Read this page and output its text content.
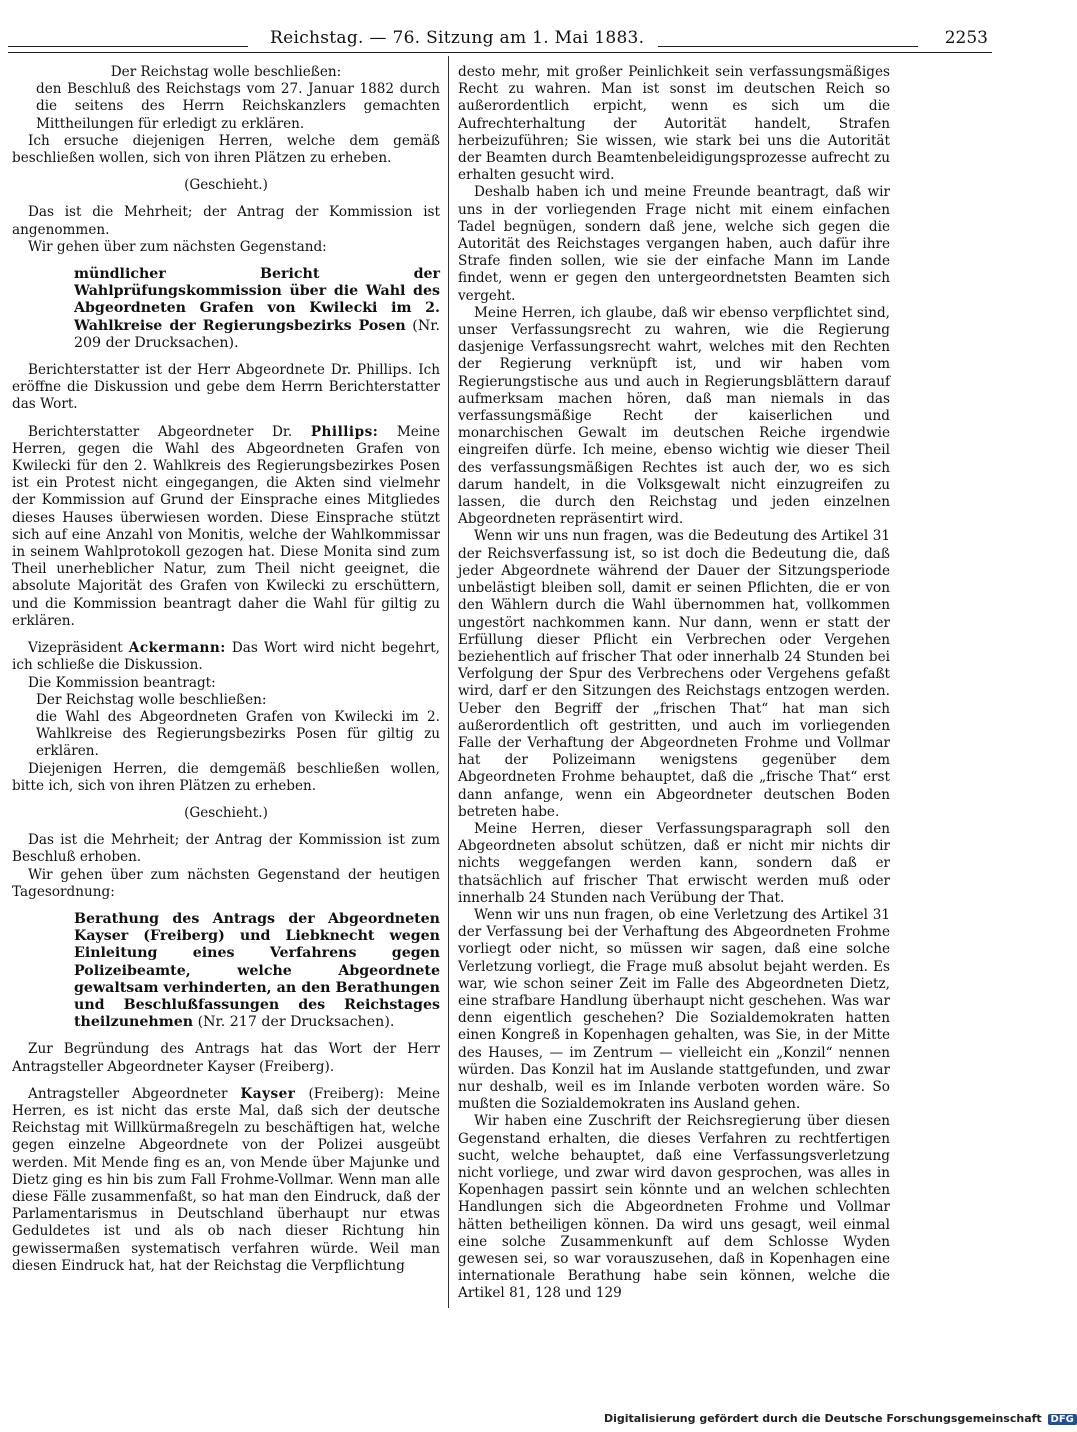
Reichstag. — 76. Sitzung am 1. Mai 1883.	2253

Der Reichstag wolle beschließen:

den Beschluß des Reichstags vom 27. Januar 1882 durch die seitens des Herrn Reichskanzlers gemachten Mittheilungen für erledigt zu erklären.

Ich ersuche diejenigen Herren, welche dem gemäß beschließen wollen, sich von ihren Plätzen zu erheben.

(Geschieht.)

Das ist die Mehrheit; der Antrag der Kommission ist angenommen.

Wir gehen über zum nächsten Gegenstand:

mündlicher Bericht der Wahlprüfungskommission über die Wahl des Abgeordneten Grafen von Kwilecki im 2. Wahlkreise der Regierungsbezirks Posen (Nr. 209 der Drucksachen).

Berichterstatter ist der Herr Abgeordnete Dr. Phillips. Ich eröffne die Diskussion und gebe dem Herrn Berichterstatter das Wort.

Berichterstatter Abgeordneter Dr. Phillips: Meine Herren, gegen die Wahl des Abgeordneten Grafen von Kwilecki für den 2. Wahlkreis des Regierungsbezirkes Posen ist ein Protest nicht eingegangen, die Akten sind vielmehr der Kommission auf Grund der Einsprache eines Mitgliedes dieses Hauses überwiesen worden. Diese Einsprache stützt sich auf eine Anzahl von Monitis, welche der Wahlkommissar in seinem Wahlprotokoll gezogen hat. Diese Monita sind zum Theil unerheblicher Natur, zum Theil nicht geeignet, die absolute Majorität des Grafen von Kwilecki zu erschüttern, und die Kommission beantragt daher die Wahl für giltig zu erklären.

Vizepräsident Ackermann: Das Wort wird nicht begehrt, ich schließe die Diskussion.

Die Kommission beantragt:

Der Reichstag wolle beschließen:

die Wahl des Abgeordneten Grafen von Kwilecki im 2. Wahlkreise des Regierungsbezirks Posen für giltig zu erklären.

Diejenigen Herren, die demgemäß beschließen wollen, bitte ich, sich von ihren Plätzen zu erheben.

(Geschieht.)

Das ist die Mehrheit; der Antrag der Kommission ist zum Beschluß erhoben.

Wir gehen über zum nächsten Gegenstand der heutigen Tagesordnung:

Berathung des Antrags der Abgeordneten Kayser (Freiberg) und Liebknecht wegen Einleitung eines Verfahrens gegen Polizeibeamte, welche Abgeordnete gewaltsam verhinderten, an den Berathungen und Beschlußfassungen des Reichstages theilzunehmen (Nr. 217 der Drucksachen).

Zur Begründung des Antrags hat das Wort der Herr Antragsteller Abgeordneter Kayser (Freiberg).

Antragsteller Abgeordneter Kayser (Freiberg): Meine Herren, es ist nicht das erste Mal, daß sich der deutsche Reichstag mit Willkürmaßregeln zu beschäftigen hat, welche gegen einzelne Abgeordnete von der Polizei ausgeübt werden. Mit Mende fing es an, von Mende über Majunke und Dietz ging es hin bis zum Fall Frohme-Vollmar. Wenn man alle diese Fälle zusammenfaßt, so hat man den Eindruck, daß der Parlamentarismus in Deutschland überhaupt nur etwas Geduldetes ist und als ob nach dieser Richtung hin gewissermaßen systematisch verfahren würde. Weil man diesen Eindruck hat, hat der Reichstag die Verpflichtung

desto mehr, mit großer Peinlichkeit sein verfassungsmäßiges Recht zu wahren. Man ist sonst im deutschen Reich so außerordentlich erpicht, wenn es sich um die Aufrechterhaltung der Autorität handelt, Strafen herbeizuführen; Sie wissen, wie stark bei uns die Autorität der Beamten durch Beamtenbeleidigungsprozesse aufrecht zu erhalten gesucht wird.

Deshalb haben ich und meine Freunde beantragt, daß wir uns in der vorliegenden Frage nicht mit einem einfachen Tadel begnügen, sondern daß jene, welche sich gegen die Autorität des Reichstages vergangen haben, auch dafür ihre Strafe finden sollen, wie sie der einfache Mann im Lande findet, wenn er gegen den untergeordnetsten Beamten sich vergeht.

Meine Herren, ich glaube, daß wir ebenso verpflichtet sind, unser Verfassungsrecht zu wahren, wie die Regierung dasjenige Verfassungsrecht wahrt, welches mit den Rechten der Regierung verknüpft ist, und wir haben vom Regierungstische aus und auch in Regierungsblättern darauf aufmerksam machen hören, daß man niemals in das verfassungsmäßige Recht der kaiserlichen und monarchischen Gewalt im deutschen Reiche irgendwie eingreifen dürfe. Ich meine, ebenso wichtig wie dieser Theil des verfassungsmäßigen Rechtes ist auch der, wo es sich darum handelt, in die Volksgewalt nicht einzugreifen zu lassen, die durch den Reichstag und jeden einzelnen Abgeordneten repräsentirt wird.

Wenn wir uns nun fragen, was die Bedeutung des Artikel 31 der Reichsverfassung ist, so ist doch die Bedeutung die, daß jeder Abgeordnete während der Dauer der Sitzungsperiode unbelästigt bleiben soll, damit er seinen Pflichten, die er von den Wählern durch die Wahl übernommen hat, vollkommen ungestört nachkommen kann. Nur dann, wenn er statt der Erfüllung dieser Pflicht ein Verbrechen oder Vergehen beziehentlich auf frischer That oder innerhalb 24 Stunden bei Verfolgung der Spur des Verbrechens oder Vergehens gefaßt wird, darf er den Sitzungen des Reichstags entzogen werden. Ueber den Begriff der „frischen That“ hat man sich außerordentlich oft gestritten, und auch im vorliegenden Falle der Verhaftung der Abgeordneten Frohme und Vollmar hat der Polizeimann wenigstens gegenüber dem Abgeordneten Frohme behauptet, daß die „frische That“ erst dann anfange, wenn ein Abgeordneter deutschen Boden betreten habe.

Meine Herren, dieser Verfassungsparagraph soll den Abgeordneten absolut schützen, daß er nicht mir nichts dir nichts weggefangen werden kann, sondern daß er thatsächlich auf frischer That erwischt werden muß oder innerhalb 24 Stunden nach Verübung der That.

Wenn wir uns nun fragen, ob eine Verletzung des Artikel 31 der Verfassung bei der Verhaftung des Abgeordneten Frohme vorliegt oder nicht, so müssen wir sagen, daß eine solche Verletzung vorliegt, die Frage muß absolut bejaht werden. Es war, wie schon seiner Zeit im Falle des Abgeordneten Dietz, eine strafbare Handlung überhaupt nicht geschehen. Was war denn eigentlich geschehen? Die Sozialdemokraten hatten einen Kongreß in Kopenhagen gehalten, was Sie, in der Mitte des Hauses, — im Zentrum — vielleicht ein „Konzil“ nennen würden. Das Konzil hat im Auslande stattgefunden, und zwar nur deshalb, weil es im Inlande verboten worden wäre. So mußten die Sozialdemokraten ins Ausland gehen.

Wir haben eine Zuschrift der Reichsregierung über diesen Gegenstand erhalten, die dieses Verfahren zu rechtfertigen sucht, welche behauptet, daß eine Verfassungsverletzung nicht vorliege, und zwar wird davon gesprochen, was alles in Kopenhagen passirt sein könnte und an welchen schlechten Handlungen sich die Abgeordneten Frohme und Vollmar hätten betheiligen können. Da wird uns gesagt, weil einmal eine solche Zusammenkunft auf dem Schlosse Wyden gewesen sei, so war vorauszusehen, daß in Kopenhagen eine internationale Berathung habe sein können, welche die Artikel 81, 128 und 129

Digitalisierung gefördert durch die Deutsche Forschungsgemeinschaft DFG
